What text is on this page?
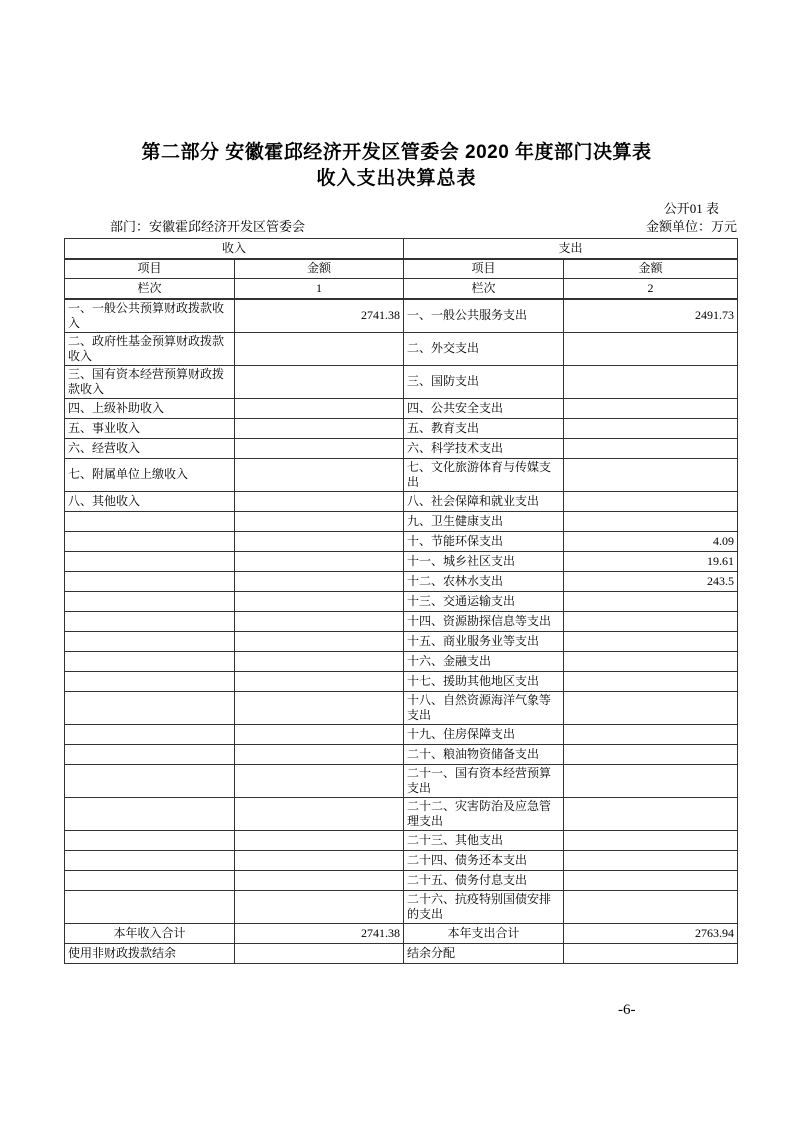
第二部分 安徽霍邱经济开发区管委会 2020 年度部门决算表
收入支出决算总表
公开01 表
部门：安徽霍邱经济开发区管委会	金额单位：万元
收入		支出	
项目	金额	项目	金额
栏次	1	栏次	2
一、一般公共预算财政拨款收入	2741.38	一、一般公共服务支出	2491.73
二、政府性基金预算财政拨款收入		二、外交支出	
三、国有资本经营预算财政拨款收入		三、国防支出	
四、上级补助收入		四、公共安全支出	
五、事业收入		五、教育支出	
六、经营收入		六、科学技术支出	
七、附属单位上缴收入		七、文化旅游体育与传媒支出	
八、其他收入		八、社会保障和就业支出	
		九、卫生健康支出	
		十、节能环保支出	4.09
		十一、城乡社区支出	19.61
		十二、农林水支出	243.5
		十三、交通运输支出	
		十四、资源勘探信息等支出	
		十五、商业服务业等支出	
		十六、金融支出	
		十七、援助其他地区支出	
		十八、自然资源海洋气象等支出	
		十九、住房保障支出	
		二十、粮油物资储备支出	
		二十一、国有资本经营预算支出	
		二十二、灾害防治及应急管理支出	
		二十三、其他支出	
		二十四、债务还本支出	
		二十五、债务付息支出	
		二十六、抗疫特别国债安排的支出	
本年收入合计	2741.38	本年支出合计	2763.94
使用非财政拨款结余		结余分配	
-6-
